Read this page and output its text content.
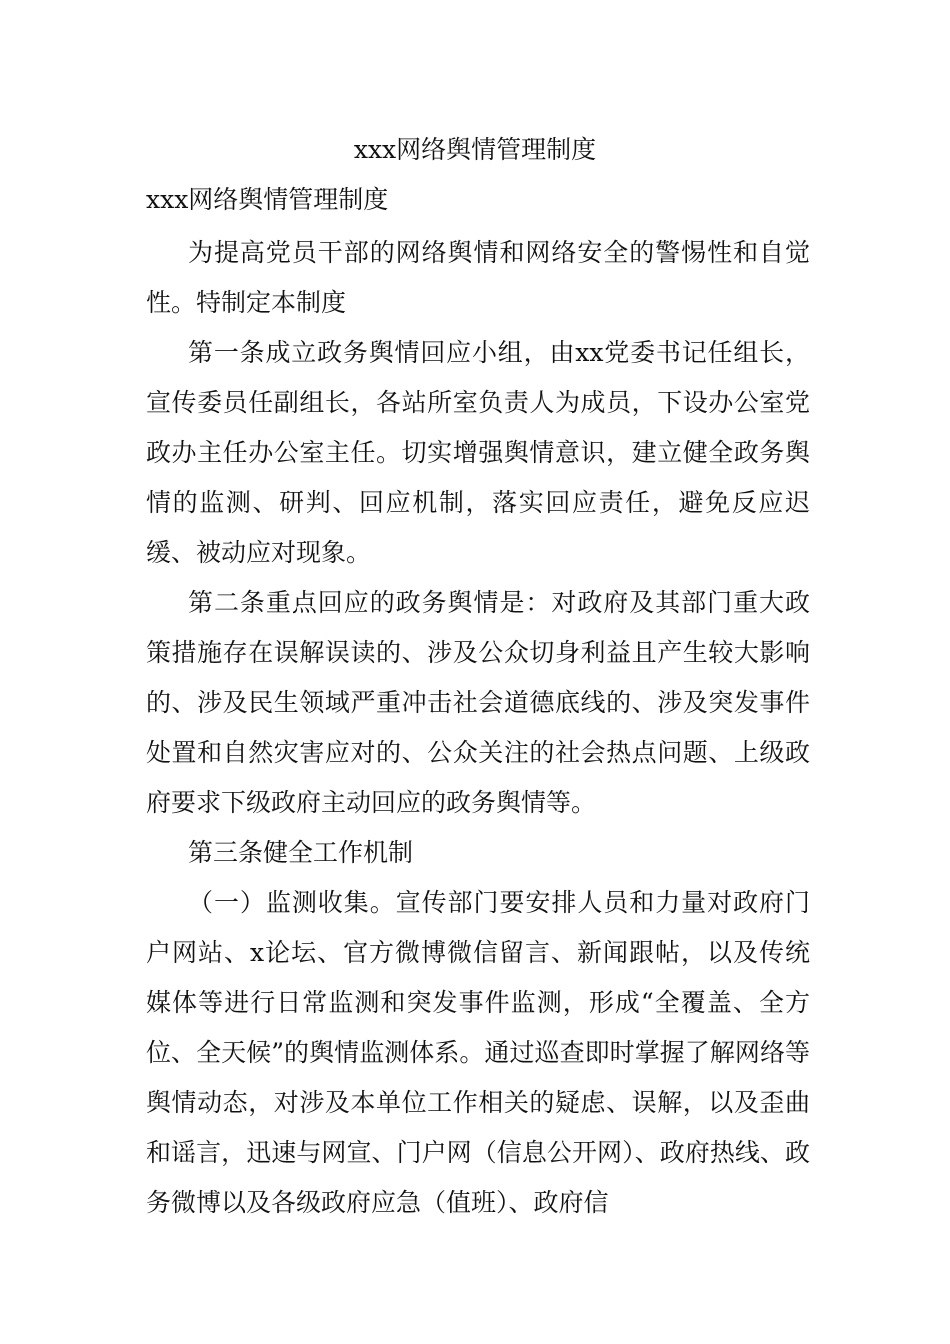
xxx网络舆情管理制度

xxx网络舆情管理制度

为提高党员干部的网络舆情和网络安全的警惕性和自觉性。特制定本制度

第一条成立政务舆情回应小组，由xx党委书记任组长，宣传委员任副组长，各站所室负责人为成员，下设办公室党政办主任办公室主任。切实增强舆情意识，建立健全政务舆情的监测、研判、回应机制，落实回应责任，避免反应迟缓、被动应对现象。

第二条重点回应的政务舆情是：对政府及其部门重大政策措施存在误解误读的、涉及公众切身利益且产生较大影响的、涉及民生领域严重冲击社会道德底线的、涉及突发事件处置和自然灾害应对的、公众关注的社会热点问题、上级政府要求下级政府主动回应的政务舆情等。

第三条健全工作机制

（一）监测收集。宣传部门要安排人员和力量对政府门户网站、x论坛、官方微博微信留言、新闻跟帖，以及传统媒体等进行日常监测和突发事件监测，形成“全覆盖、全方位、全天候”的舆情监测体系。通过巡查即时掌握了解网络等舆情动态，对涉及本单位工作相关的疑虑、误解，以及歪曲和谣言，迅速与网宣、门户网（信息公开网）、政府热线、政务微博以及各级政府应急（值班）、政府信
